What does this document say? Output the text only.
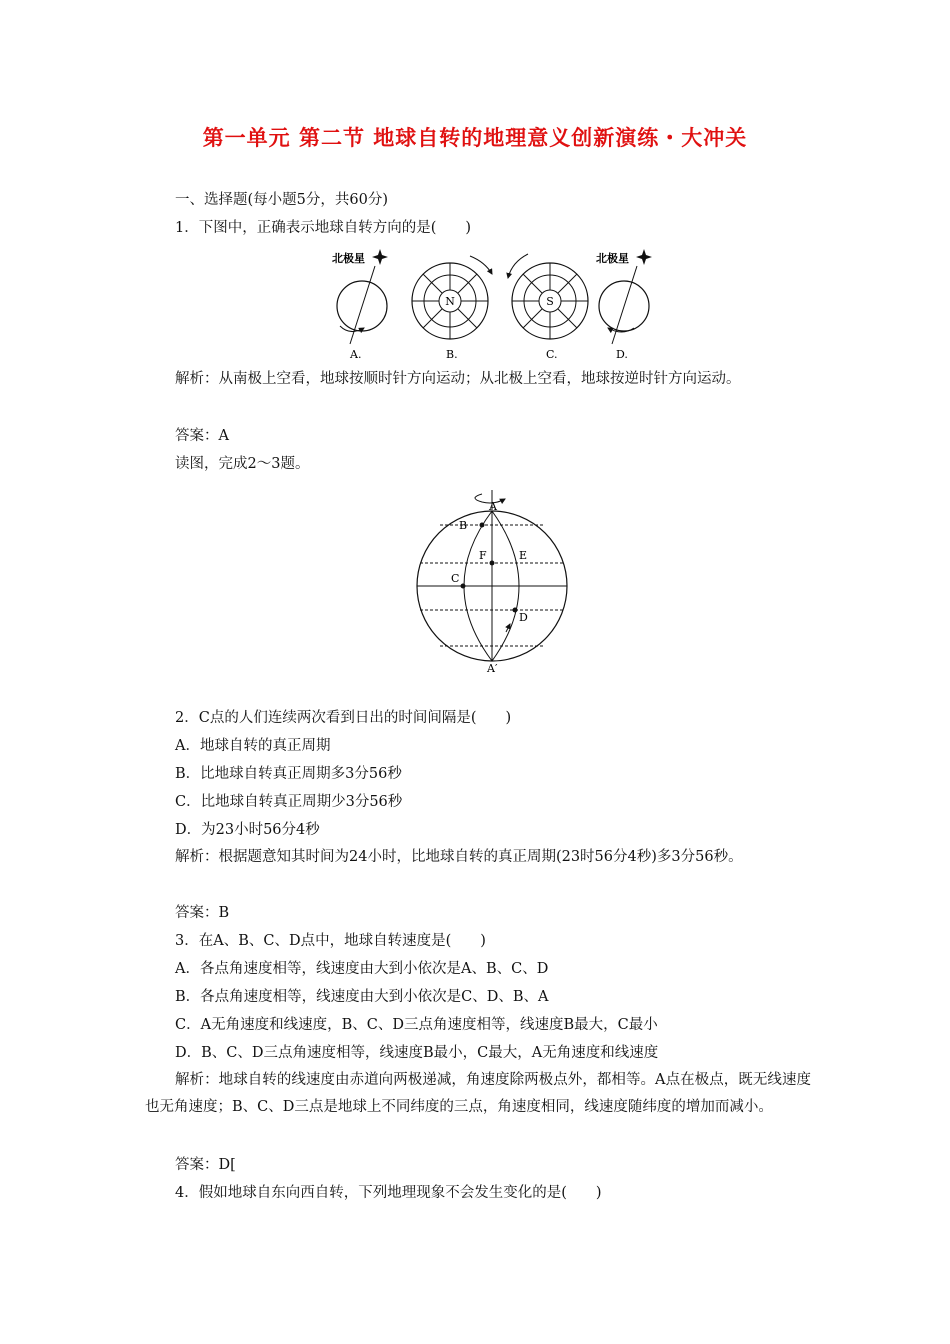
第一单元 第二节 地球自转的地理意义创新演练・大冲关
一、选择题(每小题5分，共60分)
1．下图中，正确表示地球自转方向的是(　　)
北极星
A.
N
B.
S
C.
北极星
D.
解析：从南极上空看，地球按顺时针方向运动；从北极上空看，地球按逆时针方向运动。
答案：A
读图，完成2～3题。
A
B
F	E
C
D
A′
2．C点的人们连续两次看到日出的时间间隔是(　　)
A．地球自转的真正周期
B．比地球自转真正周期多3分56秒
C．比地球自转真正周期少3分56秒
D．为23小时56分4秒
解析：根据题意知其时间为24小时，比地球自转的真正周期(23时56分4秒)多3分56秒。
答案：B
3．在A、B、C、D点中，地球自转速度是(　　)
A．各点角速度相等，线速度由大到小依次是A、B、C、D
B．各点角速度相等，线速度由大到小依次是C、D、B、A
C．A无角速度和线速度，B、C、D三点角速度相等，线速度B最大，C最小
D．B、C、D三点角速度相等，线速度B最小，C最大，A无角速度和线速度
解析：地球自转的线速度由赤道向两极递减，角速度除两极点外，都相等。A点在极点，既无线速度也无角速度；B、C、D三点是地球上不同纬度的三点，角速度相同，线速度随纬度的增加而减小。
答案：D[
4．假如地球自东向西自转，下列地理现象不会发生变化的是(　　)
